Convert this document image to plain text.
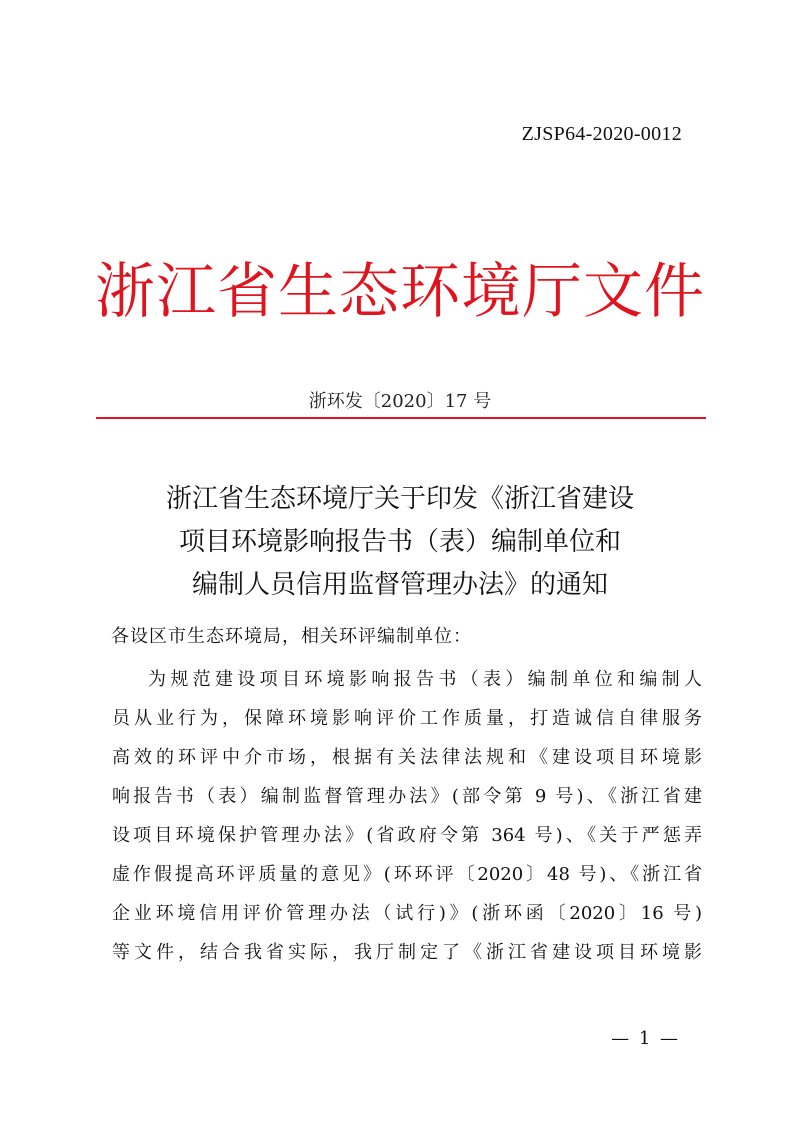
ZJSP64-2020-0012
浙江省生态环境厅文件
浙环发〔2020〕17 号
浙江省生态环境厅关于印发《浙江省建设
项目环境影响报告书（表）编制单位和
编制人员信用监督管理办法》的通知
各设区市生态环境局，相关环评编制单位：
为规范建设项目环境影响报告书（表）编制单位和编制人
员从业行为，保障环境影响评价工作质量，打造诚信自律服务
高效的环评中介市场，根据有关法律法规和《建设项目环境影
响报告书（表）编制监督管理办法》(部令第 9 号)、《浙江省建
设项目环境保护管理办法》(省政府令第 364 号)、《关于严惩弄
虚作假提高环评质量的意见》(环环评〔2020〕48 号)、《浙江省
企业环境信用评价管理办法（试行)》(浙环函〔2020〕16 号)
等文件，结合我省实际，我厅制定了《浙江省建设项目环境影
— 1 —
